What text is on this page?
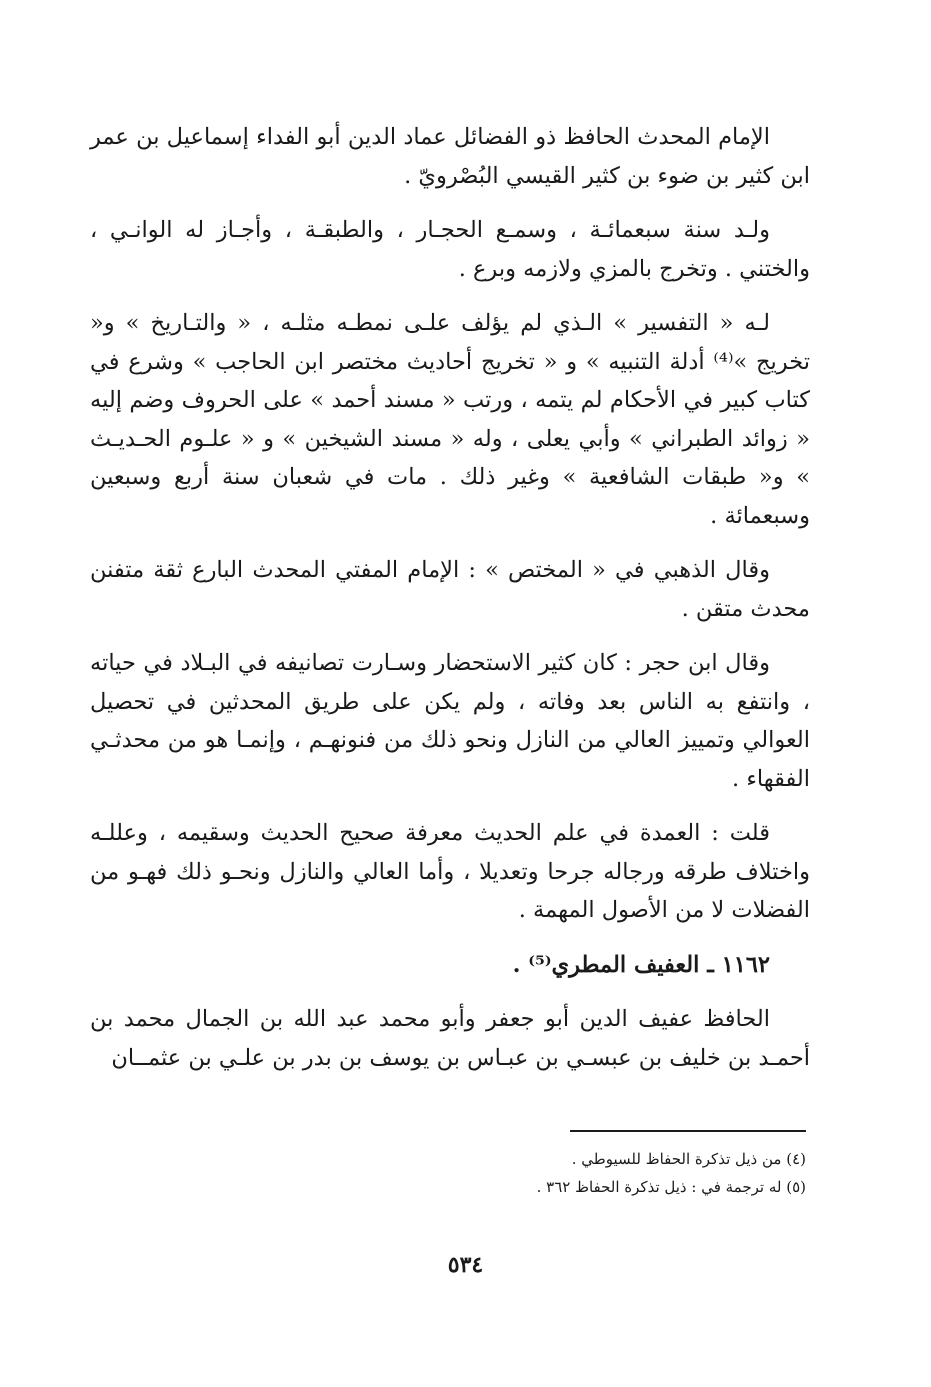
الإمام المحدث الحافظ ذو الفضائل عماد الدين أبو الفداء إسماعيل بن عمر ابن كثير بن ضوء بن كثير القيسي البُصْرويّ .

ولـد سنة سبعمائـة ، وسمـع الحجـار ، والطبقـة ، وأجـاز له الوانـي ، والختني . وتخرج بالمزي ولازمه وبرع .

لـه « التفسير » الـذي لم يؤلف علـى نمطـه مثلـه ، « والتـاريخ » و« تخريج »⁽⁴⁾ أدلة التنبيه » و « تخريج أحاديث مختصر ابن الحاجب » وشرع في كتاب كبير في الأحكام لم يتمه ، ورتب « مسند أحمد » على الحروف وضم إليه « زوائد الطبراني » وأبي يعلى ، وله « مسند الشيخين » و « علـوم الحـديـث » و« طبقات الشافعية » وغير ذلك . مات في شعبان سنة أربع وسبعين وسبعمائة .

وقال الذهبي في « المختص » : الإمام المفتي المحدث البارع ثقة متفنن محدث متقن .

وقال ابن حجر : كان كثير الاستحضار وسـارت تصانيفه في البـلاد في حياته ، وانتفع به الناس بعد وفاته ، ولم يكن على طريق المحدثين في تحصيل العوالي وتمييز العالي من النازل ونحو ذلك من فنونهـم ، وإنمـا هو من محدثـي الفقهاء .

قلت : العمدة في علم الحديث معرفة صحيح الحديث وسقيمه ، وعللـه واختلاف طرقه ورجاله جرحا وتعديلا ، وأما العالي والنازل ونحـو ذلك فهـو من الفضلات لا من الأصول المهمة .

١١٦٢ ـ العفيف المطري⁽⁵⁾ .

الحافظ عفيف الدين أبو جعفر وأبو محمد عبد الله بن الجمال محمد بن أحمـد بن خليف بن عبسـي بن عبـاس بن يوسف بن بدر بن علـي بن عثمــان

(٤) من ذيل تذكرة الحفاظ للسيوطي .

(٥) له ترجمة في : ذيل تذكرة الحفاظ ٣٦٢ .

٥٣٤
